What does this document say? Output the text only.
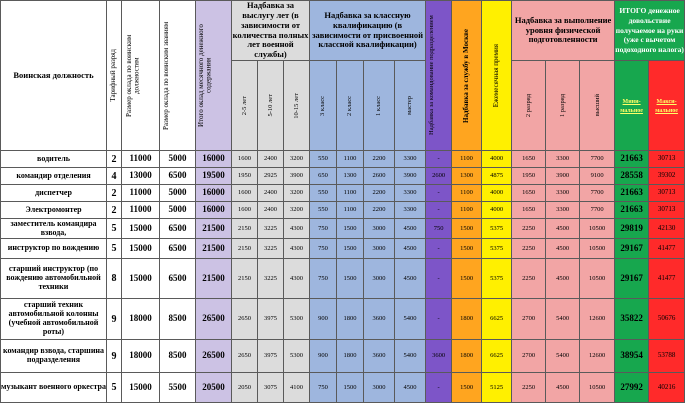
Воинская должность	Тарифный разряд	Размер оклада по воинским должностям	Размер оклада по воинским званиям	Итого оклад месячного денежного содержания	Надбавка за выслугу лет (в зависимости от количества полных лет военной службы)			Надбавка за классную квалификацию (в зависимости от присвоенной классной квалификации)				Надбавка за командование подразделением	Надбавка за службу в Москве	Ежемесячная премия	Надбавка за выполнение уровня физической подготовленности			ИТОГО денежное довольствие получаемое на руки (уже с вычетом подоходного налога)	

					2-5 лет	5-10 лет	10-15 лет	3 класс	2 класс	1 класс	мастер				2 разряд	1 разряд	высший	Мини-мальное	Макси-мальное
водитель	2	11000	5000	16000	1600	2400	3200	550	1100	2200	3300	-	1100	4000	1650	3300	7700	21663	30713
командир отделения	4	13000	6500	19500	1950	2925	3900	650	1300	2600	3900	2600	1300	4875	1950	3900	9100	28558	39302
диспетчер	2	11000	5000	16000	1600	2400	3200	550	1100	2200	3300	-	1100	4000	1650	3300	7700	21663	30713
Электромонтер	2	11000	5000	16000	1600	2400	3200	550	1100	2200	3300	-	1100	4000	1650	3300	7700	21663	30713
заместитель командира взвода,	5	15000	6500	21500	2150	3225	4300	750	1500	3000	4500	750	1500	5375	2250	4500	10500	29819	42130
инструктор по вождению	5	15000	6500	21500	2150	3225	4300	750	1500	3000	4500	-	1500	5375	2250	4500	10500	29167	41477
старший инструктор (по вождению автомобильной техники	8	15000	6500	21500	2150	3225	4300	750	1500	3000	4500	-	1500	5375	2250	4500	10500	29167	41477
старший техник автомобильной колонны (учебной автомобильной роты)	9	18000	8500	26500	2650	3975	5300	900	1800	3600	5400	-	1800	6625	2700	5400	12600	35822	50676
командир взвода, старшина подразделения	9	18000	8500	26500	2650	3975	5300	900	1800	3600	5400	3600	1800	6625	2700	5400	12600	38954	53788
музыкант военного оркестра	5	15000	5500	20500	2050	3075	4100	750	1500	3000	4500	-	1500	5125	2250	4500	10500	27992	40216
